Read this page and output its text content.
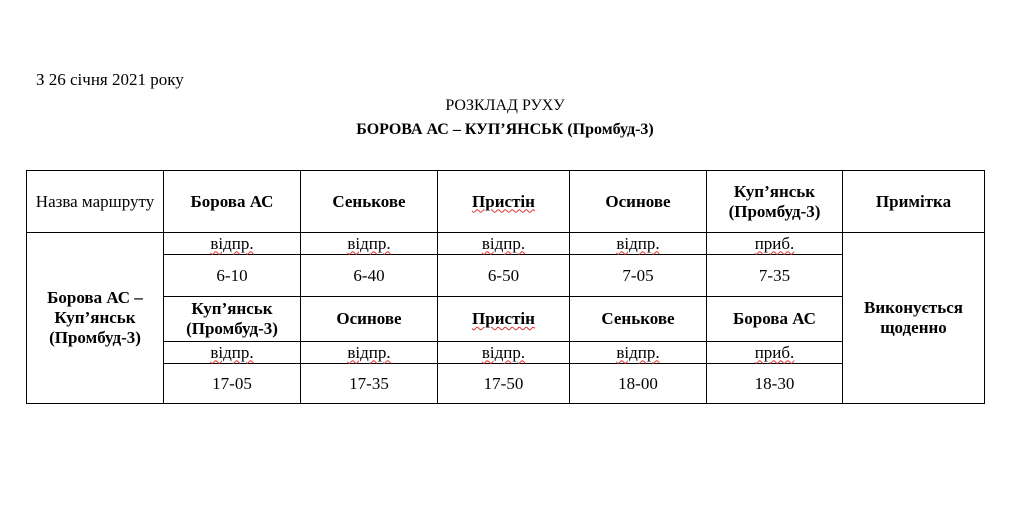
З 26 січня 2021 року
РОЗКЛАД РУХУ
БОРОВА АС – КУП’ЯНСЬК (Промбуд-3)
Назва маршруту	Борова АС	Сеньковe	Пристін	Осинове	Куп’янськ (Промбуд-3)	Примітка
Борова АС – Куп’янськ (Промбуд-3)	відпр.	відпр.	відпр.	відпр.	приб.	Виконується щоденно
	6-10	6-40	6-50	7-05	7-35	
	Куп’янськ (Промбуд-3)	Осинове	Пристін	Сеньковe	Борова АС	
	відпр.	відпр.	відпр.	відпр.	приб.	
	17-05	17-35	17-50	18-00	18-30	
